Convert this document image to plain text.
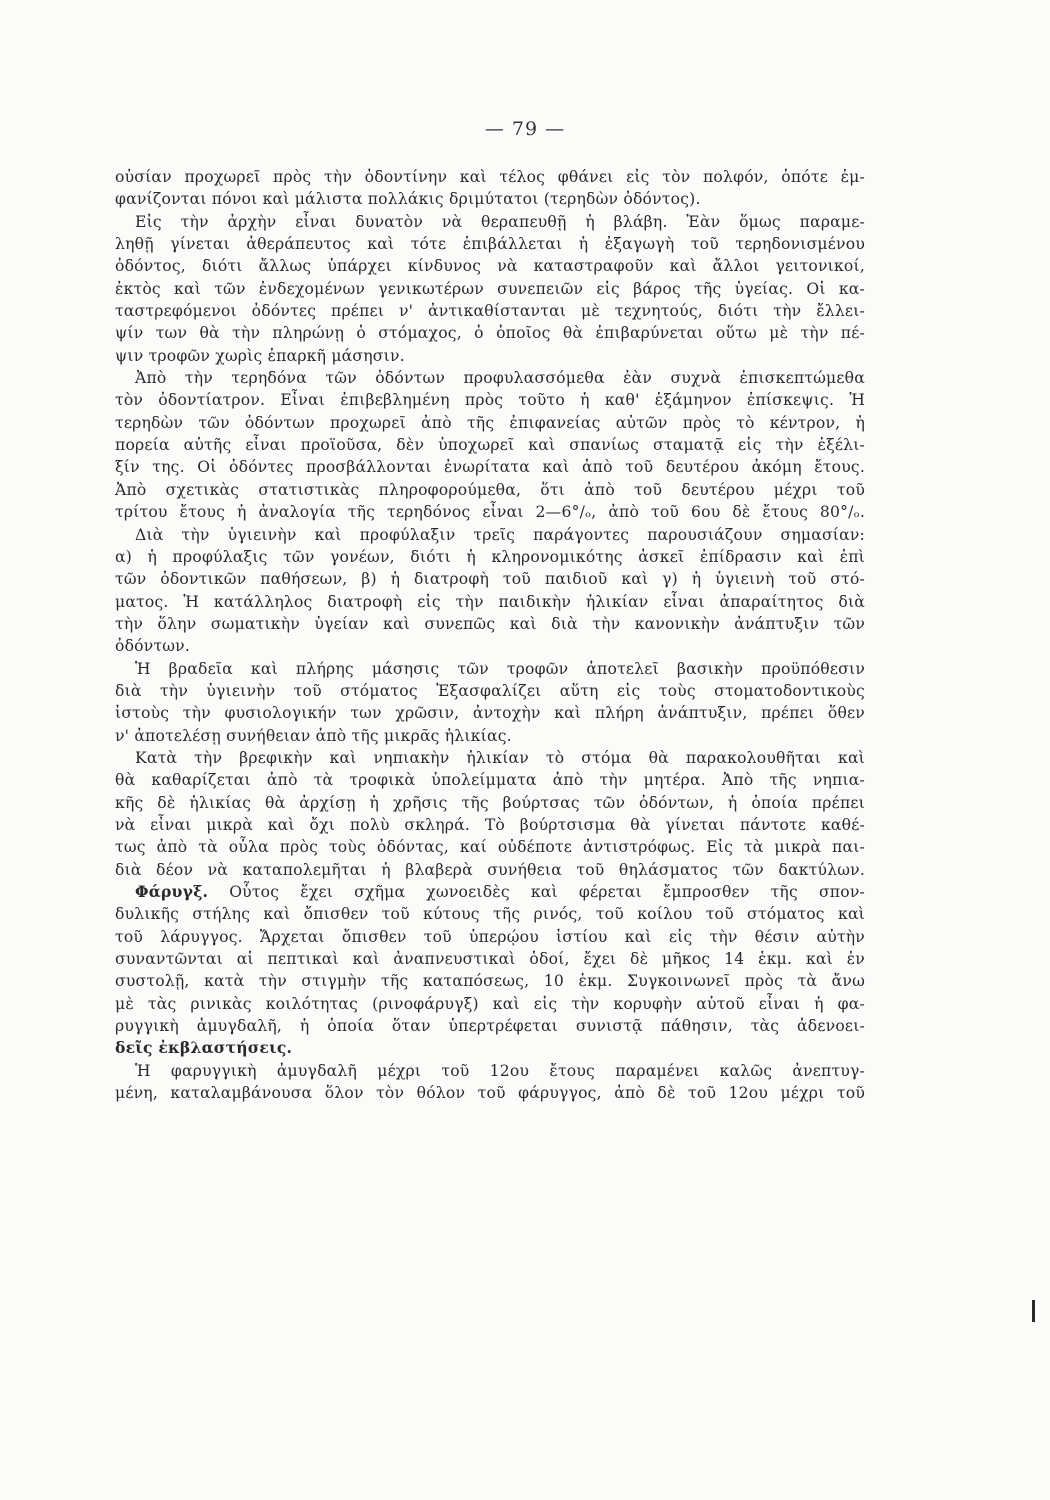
— 79 —
οὐσίαν προχωρεῖ πρὸς τὴν ὀδοντίνην καὶ τέλος φθάνει εἰς τὸν πολφόν, ὁπότε ἐμ-
φανίζονται πόνοι καὶ μάλιστα πολλάκις δριμύτατοι (τερηδὼν ὀδόντος).
Εἰς τὴν ἀρχὴν εἶναι δυνατὸν νὰ θεραπευθῇ ἡ βλάβη. Ἐὰν ὅμως παραμε-
ληθῇ γίνεται ἀθεράπευτος καὶ τότε ἐπιβάλλεται ἡ ἐξαγωγὴ τοῦ τερηδονισμένου
ὀδόντος, διότι ἄλλως ὑπάρχει κίνδυνος νὰ καταστραφοῦν καὶ ἄλλοι γειτονικοί,
ἐκτὸς καὶ τῶν ἐνδεχομένων γενικωτέρων συνεπειῶν εἰς βάρος τῆς ὑγείας. Οἱ κα-
ταστρεφόμενοι ὀδόντες πρέπει ν' ἀντικαθίστανται μὲ τεχνητούς, διότι τὴν ἔλλει-
ψίν των θὰ τὴν πληρώνῃ ὁ στόμαχος, ὁ ὁποῖος θὰ ἐπιβαρύνεται οὕτω μὲ τὴν πέ-
ψιν τροφῶν χωρὶς ἐπαρκῆ μάσησιν.
Ἀπὸ τὴν τερηδόνα τῶν ὀδόντων προφυλασσόμεθα ἐὰν συχνὰ ἐπισκεπτώμεθα
τὸν ὀδοντίατρον. Εἶναι ἐπιβεβλημένη πρὸς τοῦτο ἡ καθ' ἑξάμηνον ἐπίσκεψις. Ἡ
τερηδὼν τῶν ὀδόντων προχωρεῖ ἀπὸ τῆς ἐπιφανείας αὐτῶν πρὸς τὸ κέντρον, ἡ
πορεία αὐτῆς εἶναι προϊοῦσα, δὲν ὑποχωρεῖ καὶ σπανίως σταματᾷ εἰς τὴν ἐξέλι-
ξίν της. Οἱ ὀδόντες προσβάλλονται ἐνωρίτατα καὶ ἀπὸ τοῦ δευτέρου ἀκόμη ἔτους.
Ἀπὸ σχετικὰς στατιστικὰς πληροφορούμεθα, ὅτι ἀπὸ τοῦ δευτέρου μέχρι τοῦ
τρίτου ἔτους ἡ ἀναλογία τῆς τερηδόνος εἶναι 2—6°/ₒ, ἀπὸ τοῦ 6ου δὲ ἔτους 80°/ₒ.
Διὰ τὴν ὑγιεινὴν καὶ προφύλαξιν τρεῖς παράγοντες παρουσιάζουν σημασίαν:
α) ἡ προφύλαξις τῶν γονέων, διότι ἡ κληρονομικότης ἀσκεῖ ἐπίδρασιν καὶ ἐπὶ
τῶν ὀδοντικῶν παθήσεων, β) ἡ διατροφὴ τοῦ παιδιοῦ καὶ γ) ἡ ὑγιεινὴ τοῦ στό-
ματος. Ἡ κατάλληλος διατροφὴ εἰς τὴν παιδικὴν ἡλικίαν εἶναι ἀπαραίτητος διὰ
τὴν ὅλην σωματικὴν ὑγείαν καὶ συνεπῶς καὶ διὰ τὴν κανονικὴν ἀνάπτυξιν τῶν
ὀδόντων.
Ἡ βραδεῖα καὶ πλήρης μάσησις τῶν τροφῶν ἀποτελεῖ βασικὴν προϋπόθεσιν
διὰ τὴν ὑγιεινὴν τοῦ στόματος Ἐξασφαλίζει αὕτη εἰς τοὺς στοματοδοντικοὺς
ἱστοὺς τὴν φυσιολογικήν των χρῶσιν, ἀντοχὴν καὶ πλήρη ἀνάπτυξιν, πρέπει ὅθεν
ν' ἀποτελέσῃ συνήθειαν ἀπὸ τῆς μικρᾶς ἡλικίας.
Κατὰ τὴν βρεφικὴν καὶ νηπιακὴν ἡλικίαν τὸ στόμα θὰ παρακολουθῆται καὶ
θὰ καθαρίζεται ἀπὸ τὰ τροφικὰ ὑπολείμματα ἀπὸ τὴν μητέρα. Ἀπὸ τῆς νηπια-
κῆς δὲ ἡλικίας θὰ ἀρχίσῃ ἡ χρῆσις τῆς βούρτσας τῶν ὀδόντων, ἡ ὁποία πρέπει
νὰ εἶναι μικρὰ καὶ ὄχι πολὺ σκληρά. Τὸ βούρτσισμα θὰ γίνεται πάντοτε καθέ-
τως ἀπὸ τὰ οὖλα πρὸς τοὺς ὀδόντας, καί οὐδέποτε ἀντιστρόφως. Εἰς τὰ μικρὰ παι-
διὰ δέον νὰ καταπολεμῆται ἡ βλαβερὰ συνήθεια τοῦ θηλάσματος τῶν δακτύλων.
Φάρυγξ. Οὗτος ἔχει σχῆμα χωνοειδὲς καὶ φέρεται ἔμπροσθεν τῆς σπον-
δυλικῆς στήλης καὶ ὄπισθεν τοῦ κύτους τῆς ρινός, τοῦ κοίλου τοῦ στόματος καὶ
τοῦ λάρυγγος. Ἄρχεται ὄπισθεν τοῦ ὑπερῴου ἱστίου καὶ εἰς τὴν θέσιν αὐτὴν
συναντῶνται αἱ πεπτικαὶ καὶ ἀναπνευστικαὶ ὁδοί, ἔχει δὲ μῆκος 14 ἑκμ. καὶ ἐν
συστολῇ, κατὰ τὴν στιγμὴν τῆς καταπόσεως, 10 ἑκμ. Συγκοινωνεῖ πρὸς τὰ ἄνω
μὲ τὰς ρινικὰς κοιλότητας (ρινοφάρυγξ) καὶ εἰς τὴν κορυφὴν αὐτοῦ εἶναι ἡ φα-
ρυγγικὴ ἀμυγδαλῆ, ἡ ὁποία ὅταν ὑπερτρέφεται συνιστᾷ πάθησιν, τὰς ἀδενοει-
δεῖς ἐκβλαστήσεις.
Ἡ φαρυγγικὴ ἀμυγδαλῆ μέχρι τοῦ 12ου ἔτους παραμένει καλῶς ἀνεπτυγ-
μένη, καταλαμβάνουσα ὅλον τὸν θόλον τοῦ φάρυγγος, ἀπὸ δὲ τοῦ 12ου μέχρι τοῦ
